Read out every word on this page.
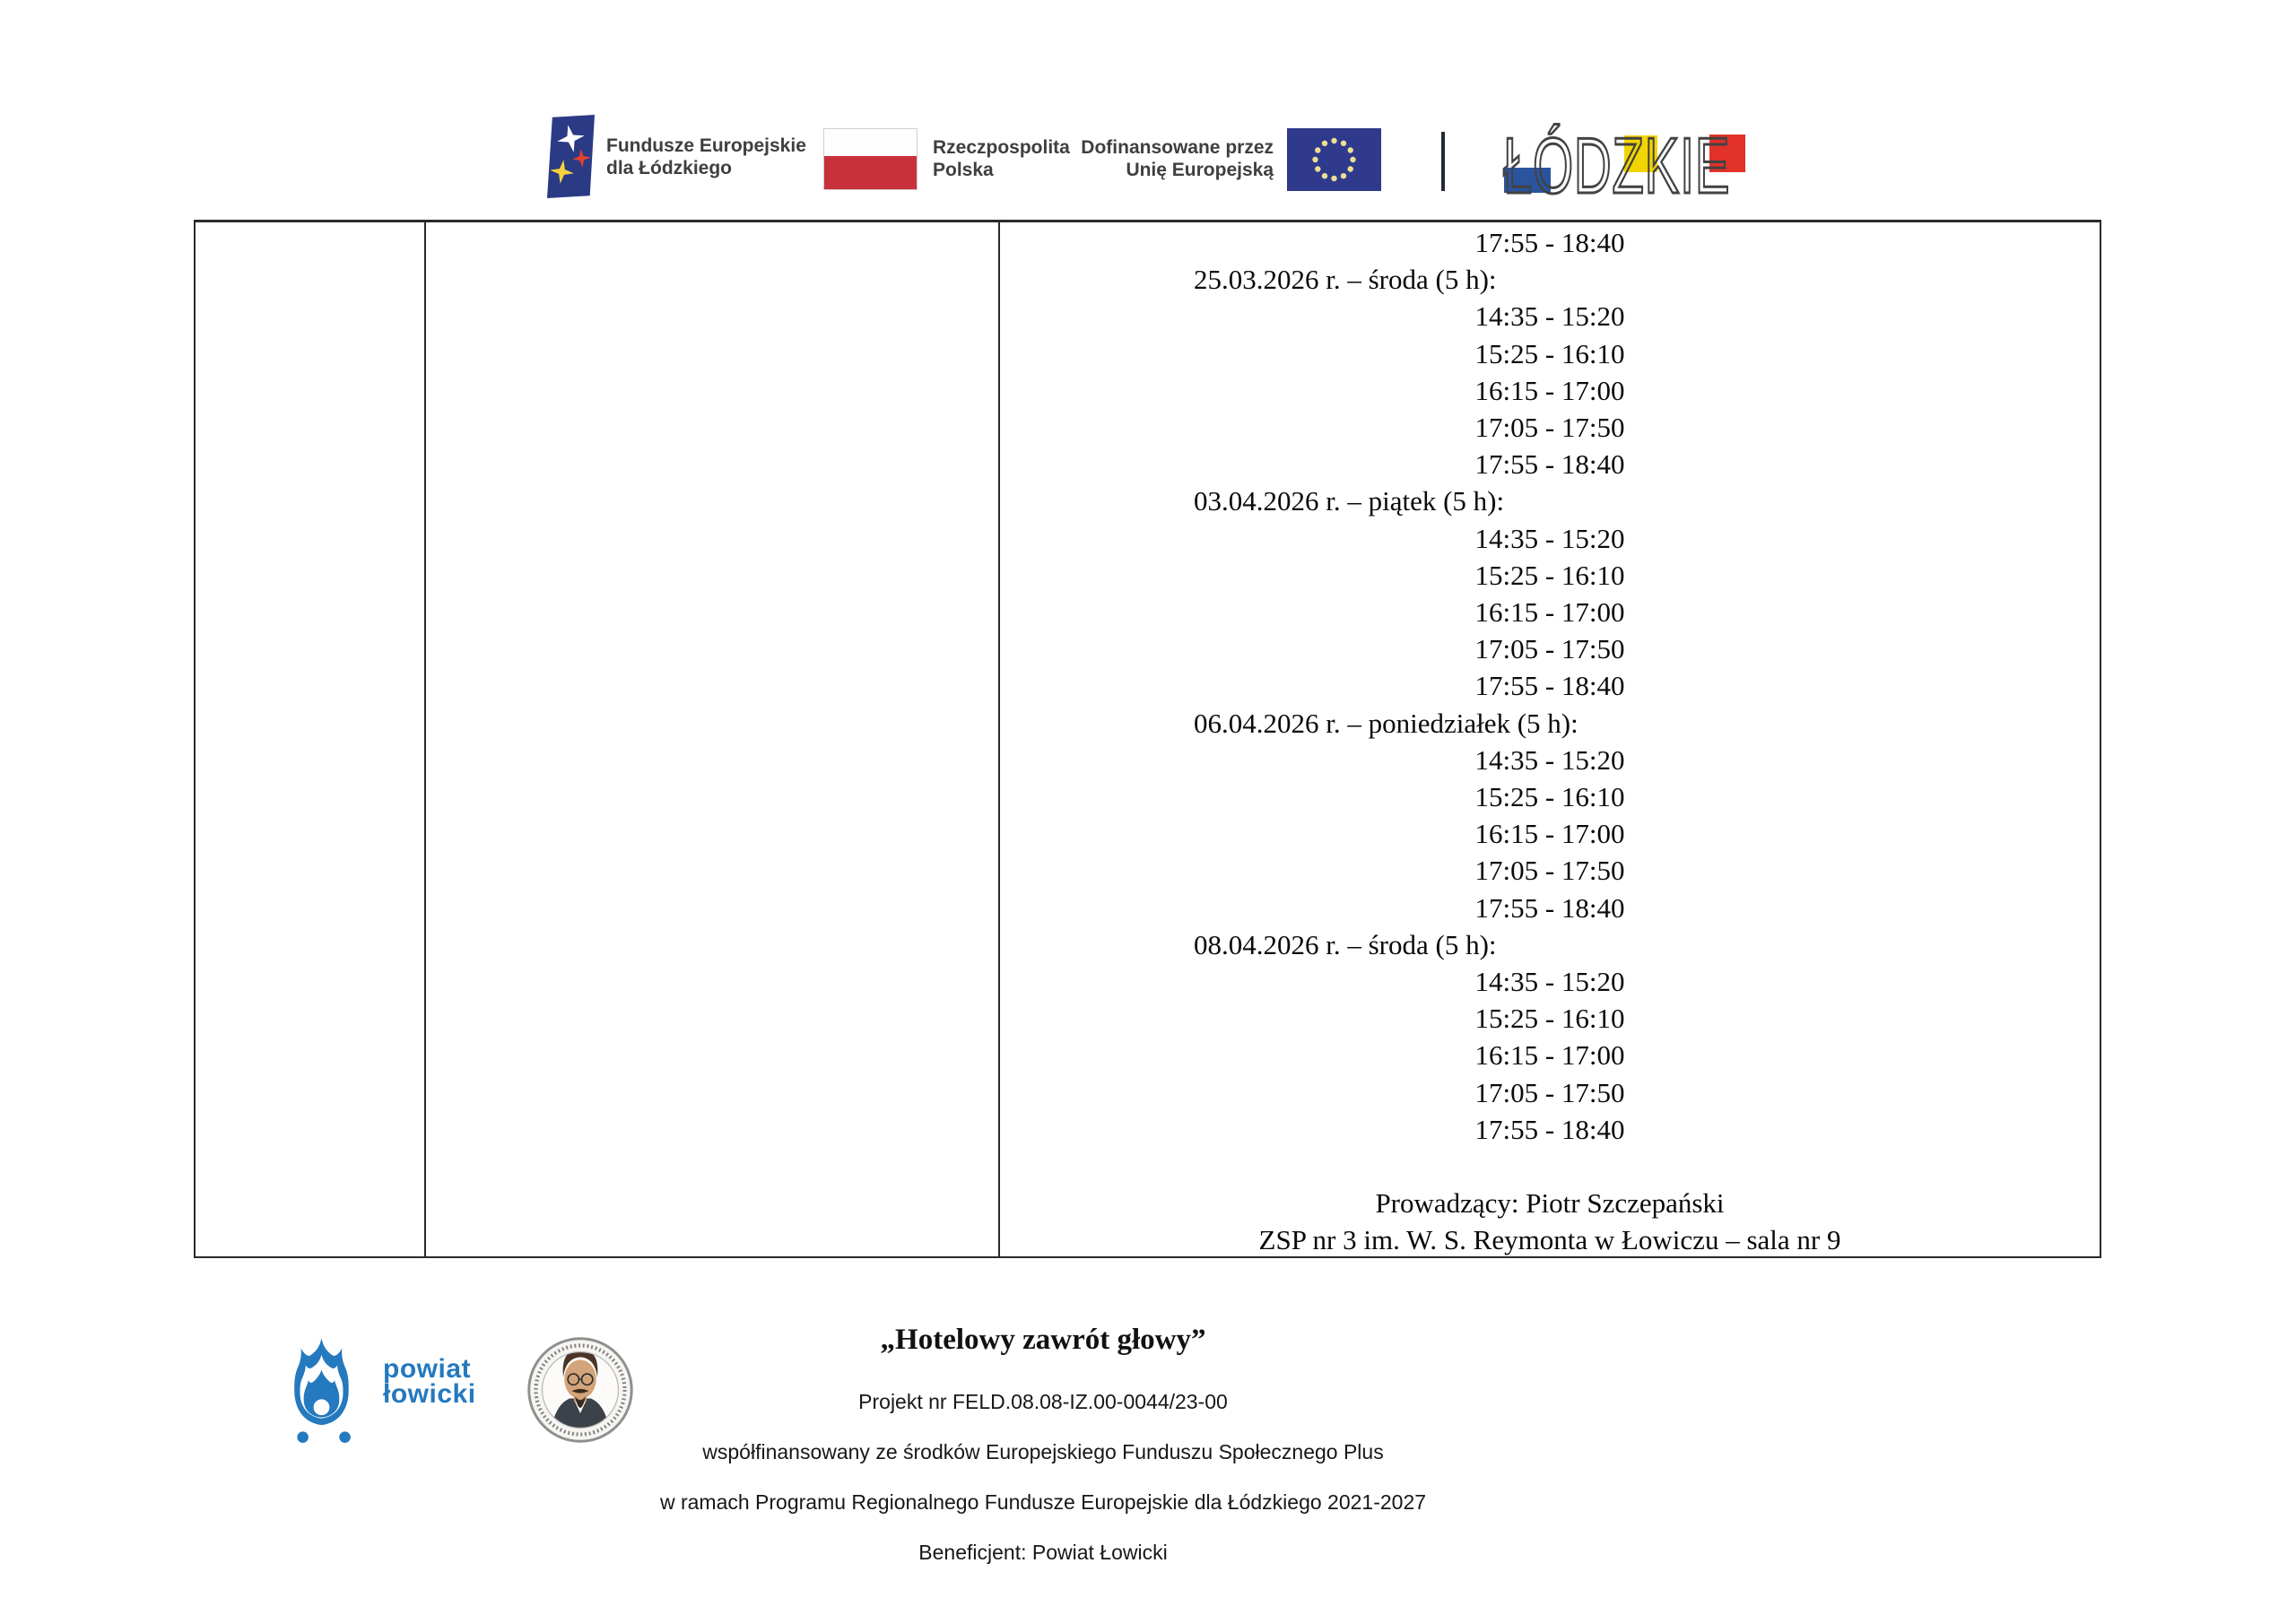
Fundusze Europejskie
dla Łódzkiego
Rzeczpospolita
Polska
Dofinansowane przez
Unię Europejską	ŁÓDZKIE
17:55 - 18:40
25.03.2026 r. – środa (5 h):
14:35 - 15:20
15:25 - 16:10
16:15 - 17:00
17:05 - 17:50
17:55 - 18:40
03.04.2026 r. – piątek (5 h):
14:35 - 15:20
15:25 - 16:10
16:15 - 17:00
17:05 - 17:50
17:55 - 18:40
06.04.2026 r. – poniedziałek (5 h):
14:35 - 15:20
15:25 - 16:10
16:15 - 17:00
17:05 - 17:50
17:55 - 18:40
08.04.2026 r. – środa (5 h):
14:35 - 15:20
15:25 - 16:10
16:15 - 17:00
17:05 - 17:50
17:55 - 18:40
Prowadzący: Piotr Szczepański
ZSP nr 3 im. W. S. Reymonta w Łowiczu – sala nr 9
powiat
łowicki
„Hotelowy zawrót głowy”
Projekt nr FELD.08.08-IZ.00-0044/23-00
współfinansowany ze środków Europejskiego Funduszu Społecznego Plus
w ramach Programu Regionalnego Fundusze Europejskie dla Łódzkiego 2021-2027
Beneficjent: Powiat Łowicki
